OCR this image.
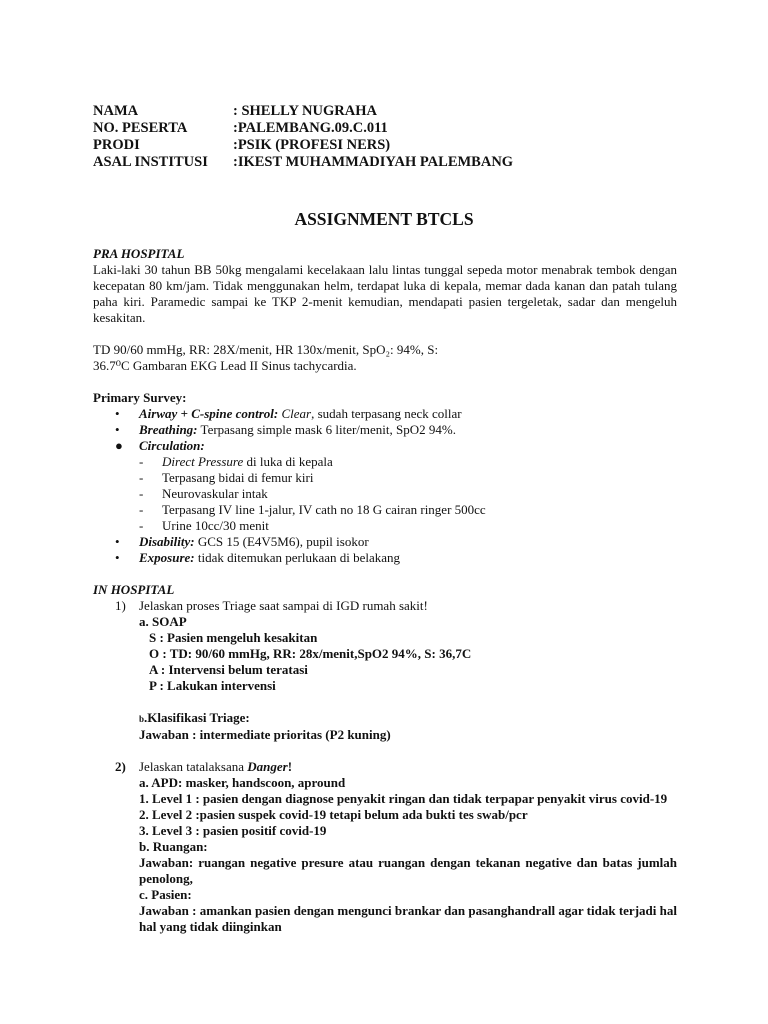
NAMA	: SHELLY NUGRAHA
NO. PESERTA	:PALEMBANG.09.C.011
PRODI	:PSIK (PROFESI NERS)
ASAL INSTITUSI	:IKEST MUHAMMADIYAH PALEMBANG
ASSIGNMENT BTCLS
PRA HOSPITAL
Laki-laki 30 tahun BB 50kg mengalami kecelakaan lalu lintas tunggal sepeda motor menabrak tembok dengan kecepatan 80 km/jam. Tidak menggunakan helm, terdapat luka di kepala, memar dada kanan dan patah tulang paha kiri. Paramedic sampai ke TKP 2-menit kemudian, mendapati pasien tergeletak, sadar dan mengeluh kesakitan.
TD 90/60 mmHg, RR: 28X/menit, HR 130x/menit, SpO₂: 94%, S:
36.7⁰C Gambaran EKG Lead II Sinus tachycardia.
Primary Survey:
• Airway + C-spine control: Clear, sudah terpasang neck collar
• Breathing: Terpasang simple mask 6 liter/menit, SpO2 94%.
● Circulation:
- Direct Pressure di luka di kepala
- Terpasang bidai di femur kiri
- Neurovaskular intak
- Terpasang IV line 1-jalur, IV cath no 18 G cairan ringer 500cc
- Urine 10cc/30 menit
• Disability: GCS 15 (E4V5M6), pupil isokor
• Exposure: tidak ditemukan perlukaan di belakang
IN HOSPITAL
1) Jelaskan proses Triage saat sampai di IGD rumah sakit!
a. SOAP
S : Pasien mengeluh kesakitan
O : TD: 90/60 mmHg, RR: 28x/menit,SpO2 94%, S: 36,7C
A : Intervensi belum teratasi
P : Lakukan intervensi
b.Klasifikasi Triage:
Jawaban : intermediate prioritas (P2 kuning)
2) Jelaskan tatalaksana Danger!
a. APD: masker, handscoon, apround
1. Level 1 : pasien dengan diagnose penyakit ringan dan tidak terpapar penyakit virus covid-19
2. Level 2 :pasien suspek covid-19 tetapi belum ada bukti tes swab/pcr
3. Level 3 : pasien positif covid-19
b. Ruangan:
Jawaban: ruangan negative presure atau ruangan dengan tekanan negative dan batas jumlah penolong,
c. Pasien:
Jawaban : amankan pasien dengan mengunci brankar dan pasanghandrall agar tidak terjadi hal hal yang tidak diinginkan
